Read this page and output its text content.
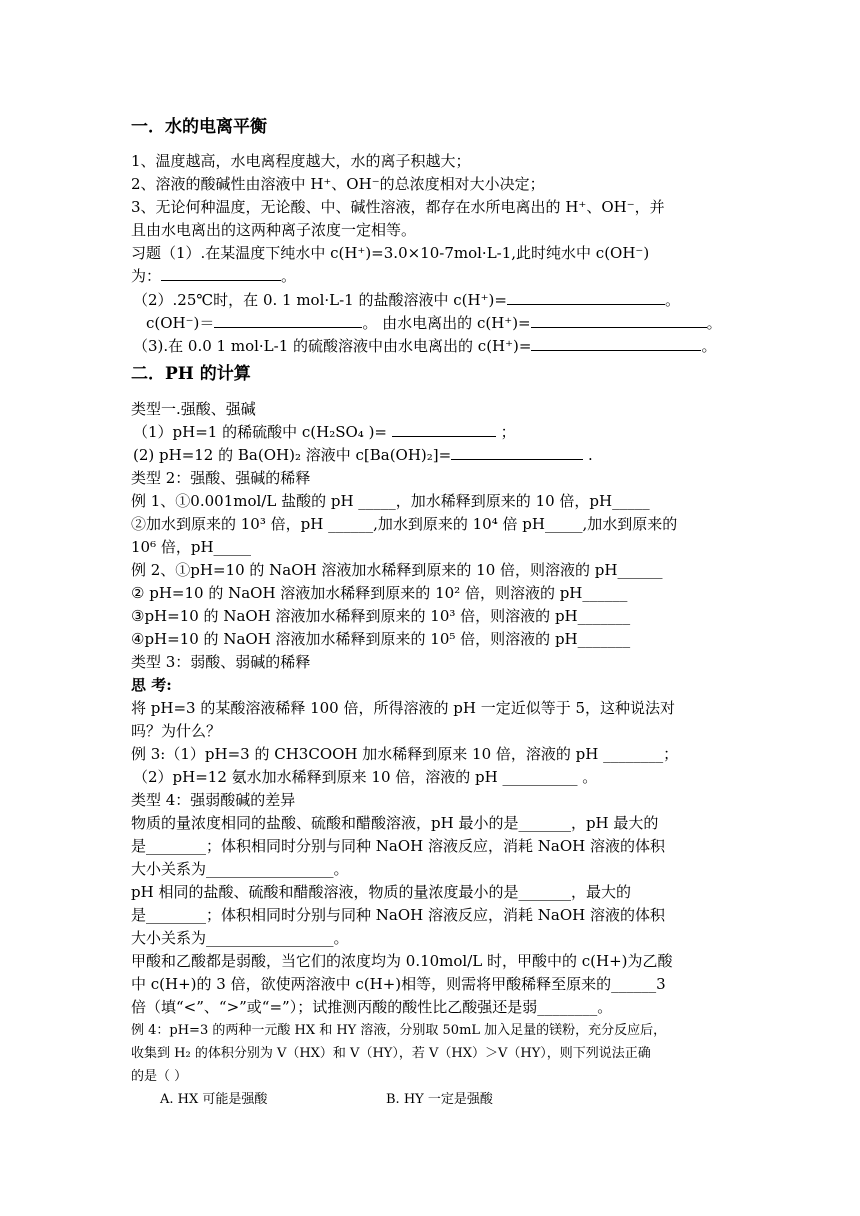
一．水的电离平衡
1、温度越高，水电离程度越大，水的离子积越大；
2、溶液的酸碱性由溶液中 H⁺、OH⁻的总浓度相对大小决定；
3、无论何种温度，无论酸、中、碱性溶液，都存在水所电离出的 H⁺、OH⁻，并
且由水电离出的这两种离子浓度一定相等。
习题（1）.在某温度下纯水中 c(H⁺)=3.0×10-7mol·L-1,此时纯水中 c(OH⁻)
为：	。
（2）.25℃时，在 0. 1 mol·L-1 的盐酸溶液中 c(H⁺)=	。
c(OH⁻)＝	。 由水电离出的 c(H⁺)=	。
（3).在 0.0 1 mol·L-1 的硫酸溶液中由水电离出的 c(H⁺)=	。
二．PH 的计算
类型一.强酸、强碱
（1）pH=1 的稀硫酸中 c(H₂SO₄ )=	；
(2) pH=12 的 Ba(OH)₂ 溶液中 c[Ba(OH)₂]=	.
类型 2：强酸、强碱的稀释
例 1、①0.001mol/L 盐酸的 pH _____，加水稀释到原来的 10 倍，pH_____
②加水到原来的 10³ 倍，pH ______,加水到原来的 10⁴ 倍 pH_____,加水到原来的
10⁶ 倍，pH_____
例 2、①pH=10 的 NaOH 溶液加水稀释到原来的 10 倍，则溶液的 pH______
② pH=10 的 NaOH 溶液加水稀释到原来的 10² 倍，则溶液的 pH______
③pH=10 的 NaOH 溶液加水稀释到原来的 10³ 倍，则溶液的 pH_______
④pH=10 的 NaOH 溶液加水稀释到原来的 10⁵ 倍，则溶液的 pH_______
类型 3：弱酸、弱碱的稀释
思 考:
将 pH=3 的某酸溶液稀释 100 倍，所得溶液的 pH 一定近似等于 5，这种说法对
吗？为什么？
例 3:（1）pH=3 的 CH3COOH 加水稀释到原来 10 倍，溶液的 pH ________；
（2）pH=12 氨水加水稀释到原来 10 倍，溶液的 pH __________ 。
类型 4：强弱酸碱的差异
物质的量浓度相同的盐酸、硫酸和醋酸溶液，pH 最小的是_______，pH 最大的
是________；体积相同时分别与同种 NaOH 溶液反应，消耗 NaOH 溶液的体积
大小关系为_________________。
pH 相同的盐酸、硫酸和醋酸溶液，物质的量浓度最小的是_______，最大的
是________；体积相同时分别与同种 NaOH 溶液反应，消耗 NaOH 溶液的体积
大小关系为_________________。
甲酸和乙酸都是弱酸，当它们的浓度均为 0.10mol/L 时，甲酸中的 c(H+)为乙酸
中 c(H+)的 3 倍，欲使两溶液中 c(H+)相等，则需将甲酸稀释至原来的______3
倍（填“<”、“>”或“=”）；试推测丙酸的酸性比乙酸强还是弱________。
例 4：pH=3 的两种一元酸 HX 和 HY 溶液，分别取 50mL 加入足量的镁粉，充分反应后，
收集到 H₂ 的体积分别为 V（HX）和 V（HY），若 V（HX）＞V（HY），则下列说法正确
的是（ ）
A. HX 可能是强酸	B. HY 一定是强酸
